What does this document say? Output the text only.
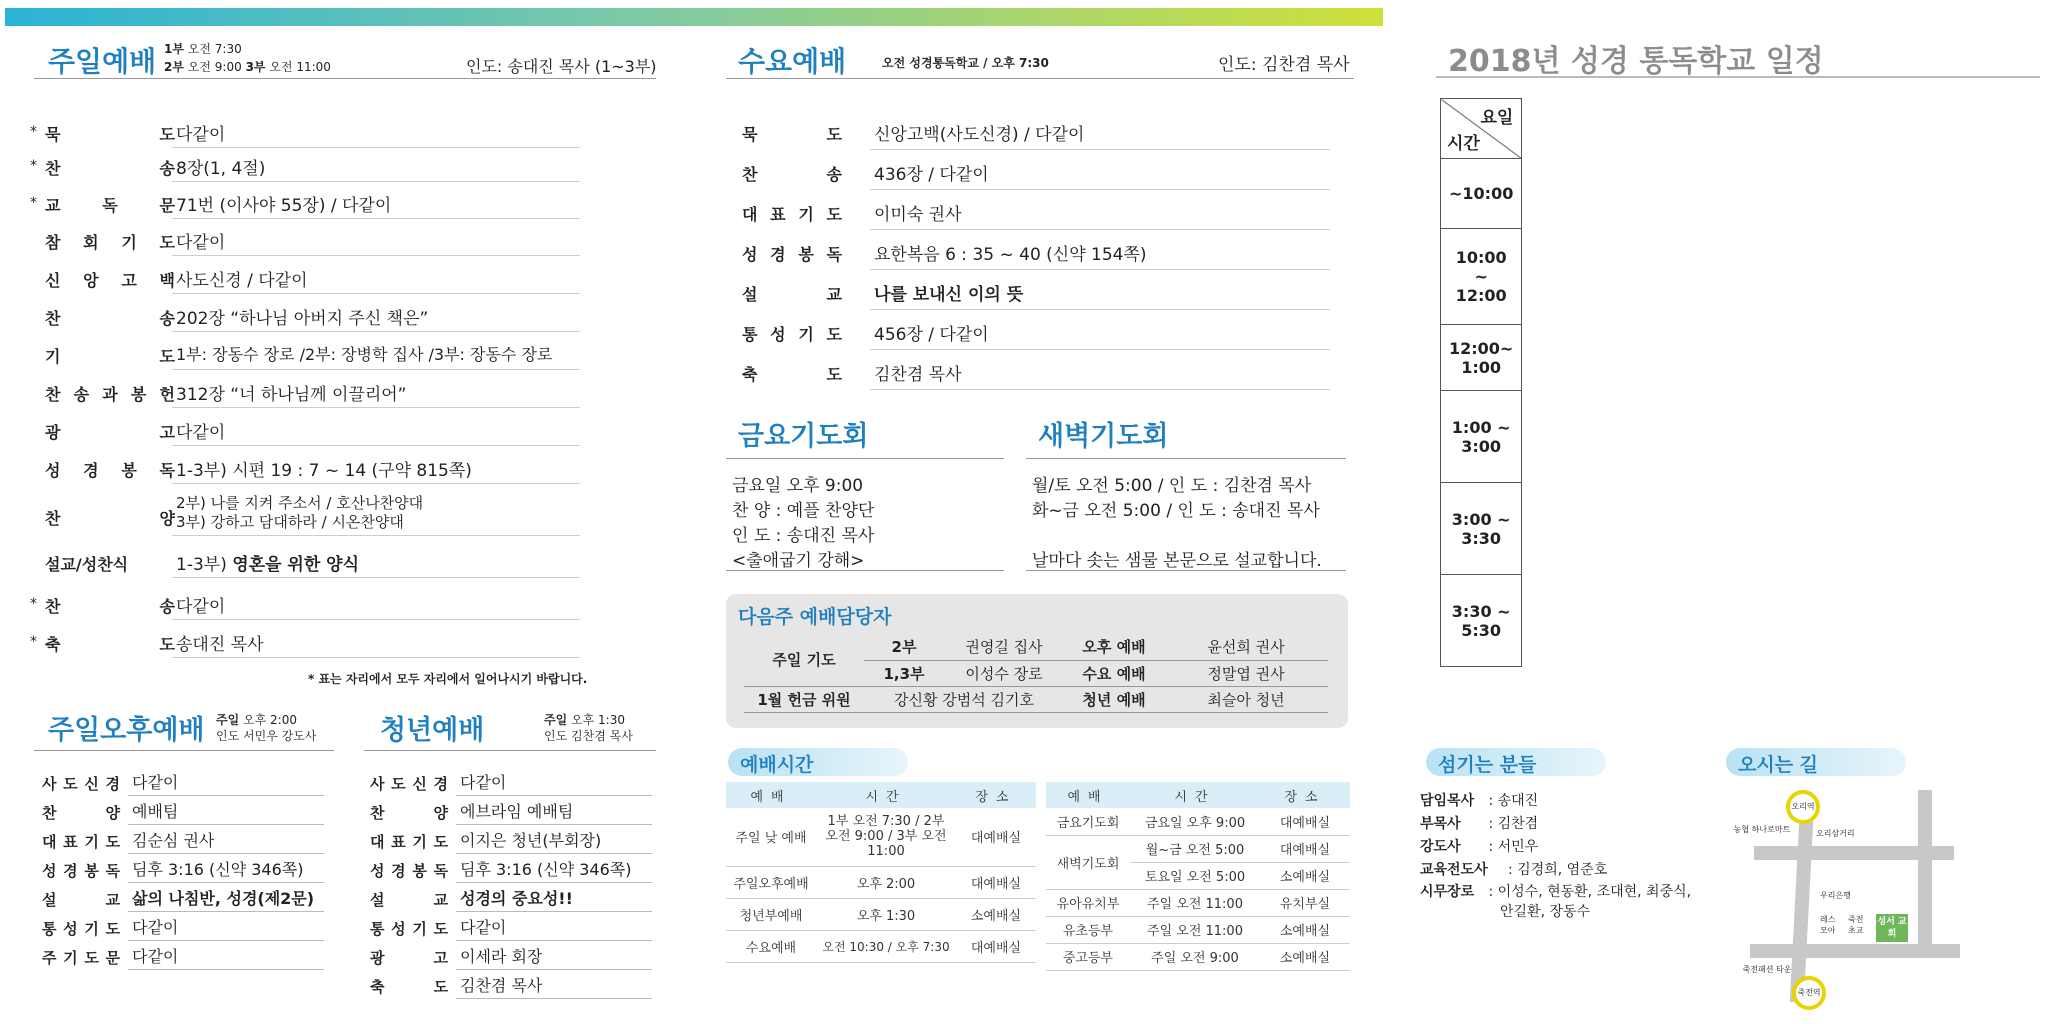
주일예배 1부 오전 7:30
2부 오전 9:00 3부 오전 11:00	인도: 송대진 목사 (1~3부)
* 묵	도 다같이
* 찬	송 8장(1, 4절)
* 교	독	문 71번 (이사야 55장) / 다같이
참 회 기 도 다같이
신 앙 고 백 사도신경 / 다같이
찬	송 202장 “하나님 아버지 주신 책은”
기	도 1부: 장동수 장로 /2부: 장병학 집사 /3부: 장동수 장로
찬 송 과 봉 헌 312장 “너 하나님께 이끌리어”
광	고 다같이
성 경 봉 독 1-3부) 시편 19 : 7 ~ 14 (구약 815쪽)
찬	양
2부) 나를 지켜 주소서 / 호산나찬양대
3부) 강하고 담대하라 / 시온찬양대
설교/성찬식	1-3부) 영혼을 위한 양식
* 찬	송 다같이
* 축	도 송대진 목사
* 표는 자리에서 모두 자리에서 일어나시기 바랍니다.
주일오후예배 주일 오후 2:00
인도 서민우 강도사
사 도 신 경 다같이
찬	양 예배팀
대 표 기 도 김순심 권사
성 경 봉 독 딤후 3:16 (신약 346쪽)
설	교 삶의 나침반, 성경(제2문)
통 성 기 도 다같이
주 기 도 문 다같이
청년예배	주일 오후 1:30
인도 김찬겸 목사
사 도 신 경 다같이
찬	양 에브라임 예배팀
대 표 기 도 이지은 청년(부회장)
성 경 봉 독 딤후 3:16 (신약 346쪽)
설	교 성경의 중요성!!
통 성 기 도 다같이
광	고 이세라 회장
축	도 김찬겸 목사
수요예배	오전 성경통독학교 / 오후 7:30	인도: 김찬겸 목사
묵	도 신앙고백(사도신경) / 다같이
찬	송 436장 / 다같이
대 표 기 도 이미숙 권사
성 경 봉 독 요한복음 6 : 35 ~ 40 (신약 154쪽)
설	교 나를 보내신 이의 뜻
통 성 기 도 456장 / 다같이
축	도 김찬겸 목사
금요기도회
금요일 오후 9:00
찬 양 : 예플 찬양단
인 도 : 송대진 목사
<출애굽기 강해>
새벽기도회
월/토 오전 5:00 / 인 도 : 김찬겸 목사
화~금 오전 5:00 / 인 도 : 송대진 목사
날마다 솟는 샘물 본문으로 설교합니다.
다음주 예배담당자
주일 기도	2부	권영길 집사	오후 예배	윤선희 권사
	1,3부	이성수 장로	수요 예배	정말엽 권사
1월 헌금 위원	강신황 강범석 김기호		청년 예배	최슬아 청년
예배시간
예배	시간	장소
주일 낮 예배	1부 오전 7:30 / 2부 오전 9:00 / 3부 오전 11:00	대예배실
주일오후예배	오후 2:00	대예배실
청년부예배	오후 1:30	소예배실
수요예배	오전 10:30 / 오후 7:30	대예배실
예배	시간	장소
금요기도회	금요일 오후 9:00	대예배실
새벽기도회	월~금 오전 5:00	대예배실
	토요일 오전 5:00	소예배실
유아유치부	주일 오전 11:00	유치부실
유초등부	주일 오전 11:00	소예배실
중고등부	주일 오전 9:00	소예배실
2018년 성경 통독학교 일정
요일
시간

~10:00
10:00 ~ 12:00
12:00~ 1:00
1:00 ~ 3:00
3:00 ~ 3:30
3:30 ~ 5:30
섬기는 분들
담임목사 : 송대진
부목사 : 김찬겸
강도사 : 서민우
교육전도사 : 김경희, 염준호
시무장로 : 이성수, 현동환, 조대현, 최중식,
안길환, 장동수
오시는 길
오리역
죽전역
농협 하나로마트	오리삼거리
우리은행
레스 모아
죽전 초교
성서 교회
죽전패션 타운
